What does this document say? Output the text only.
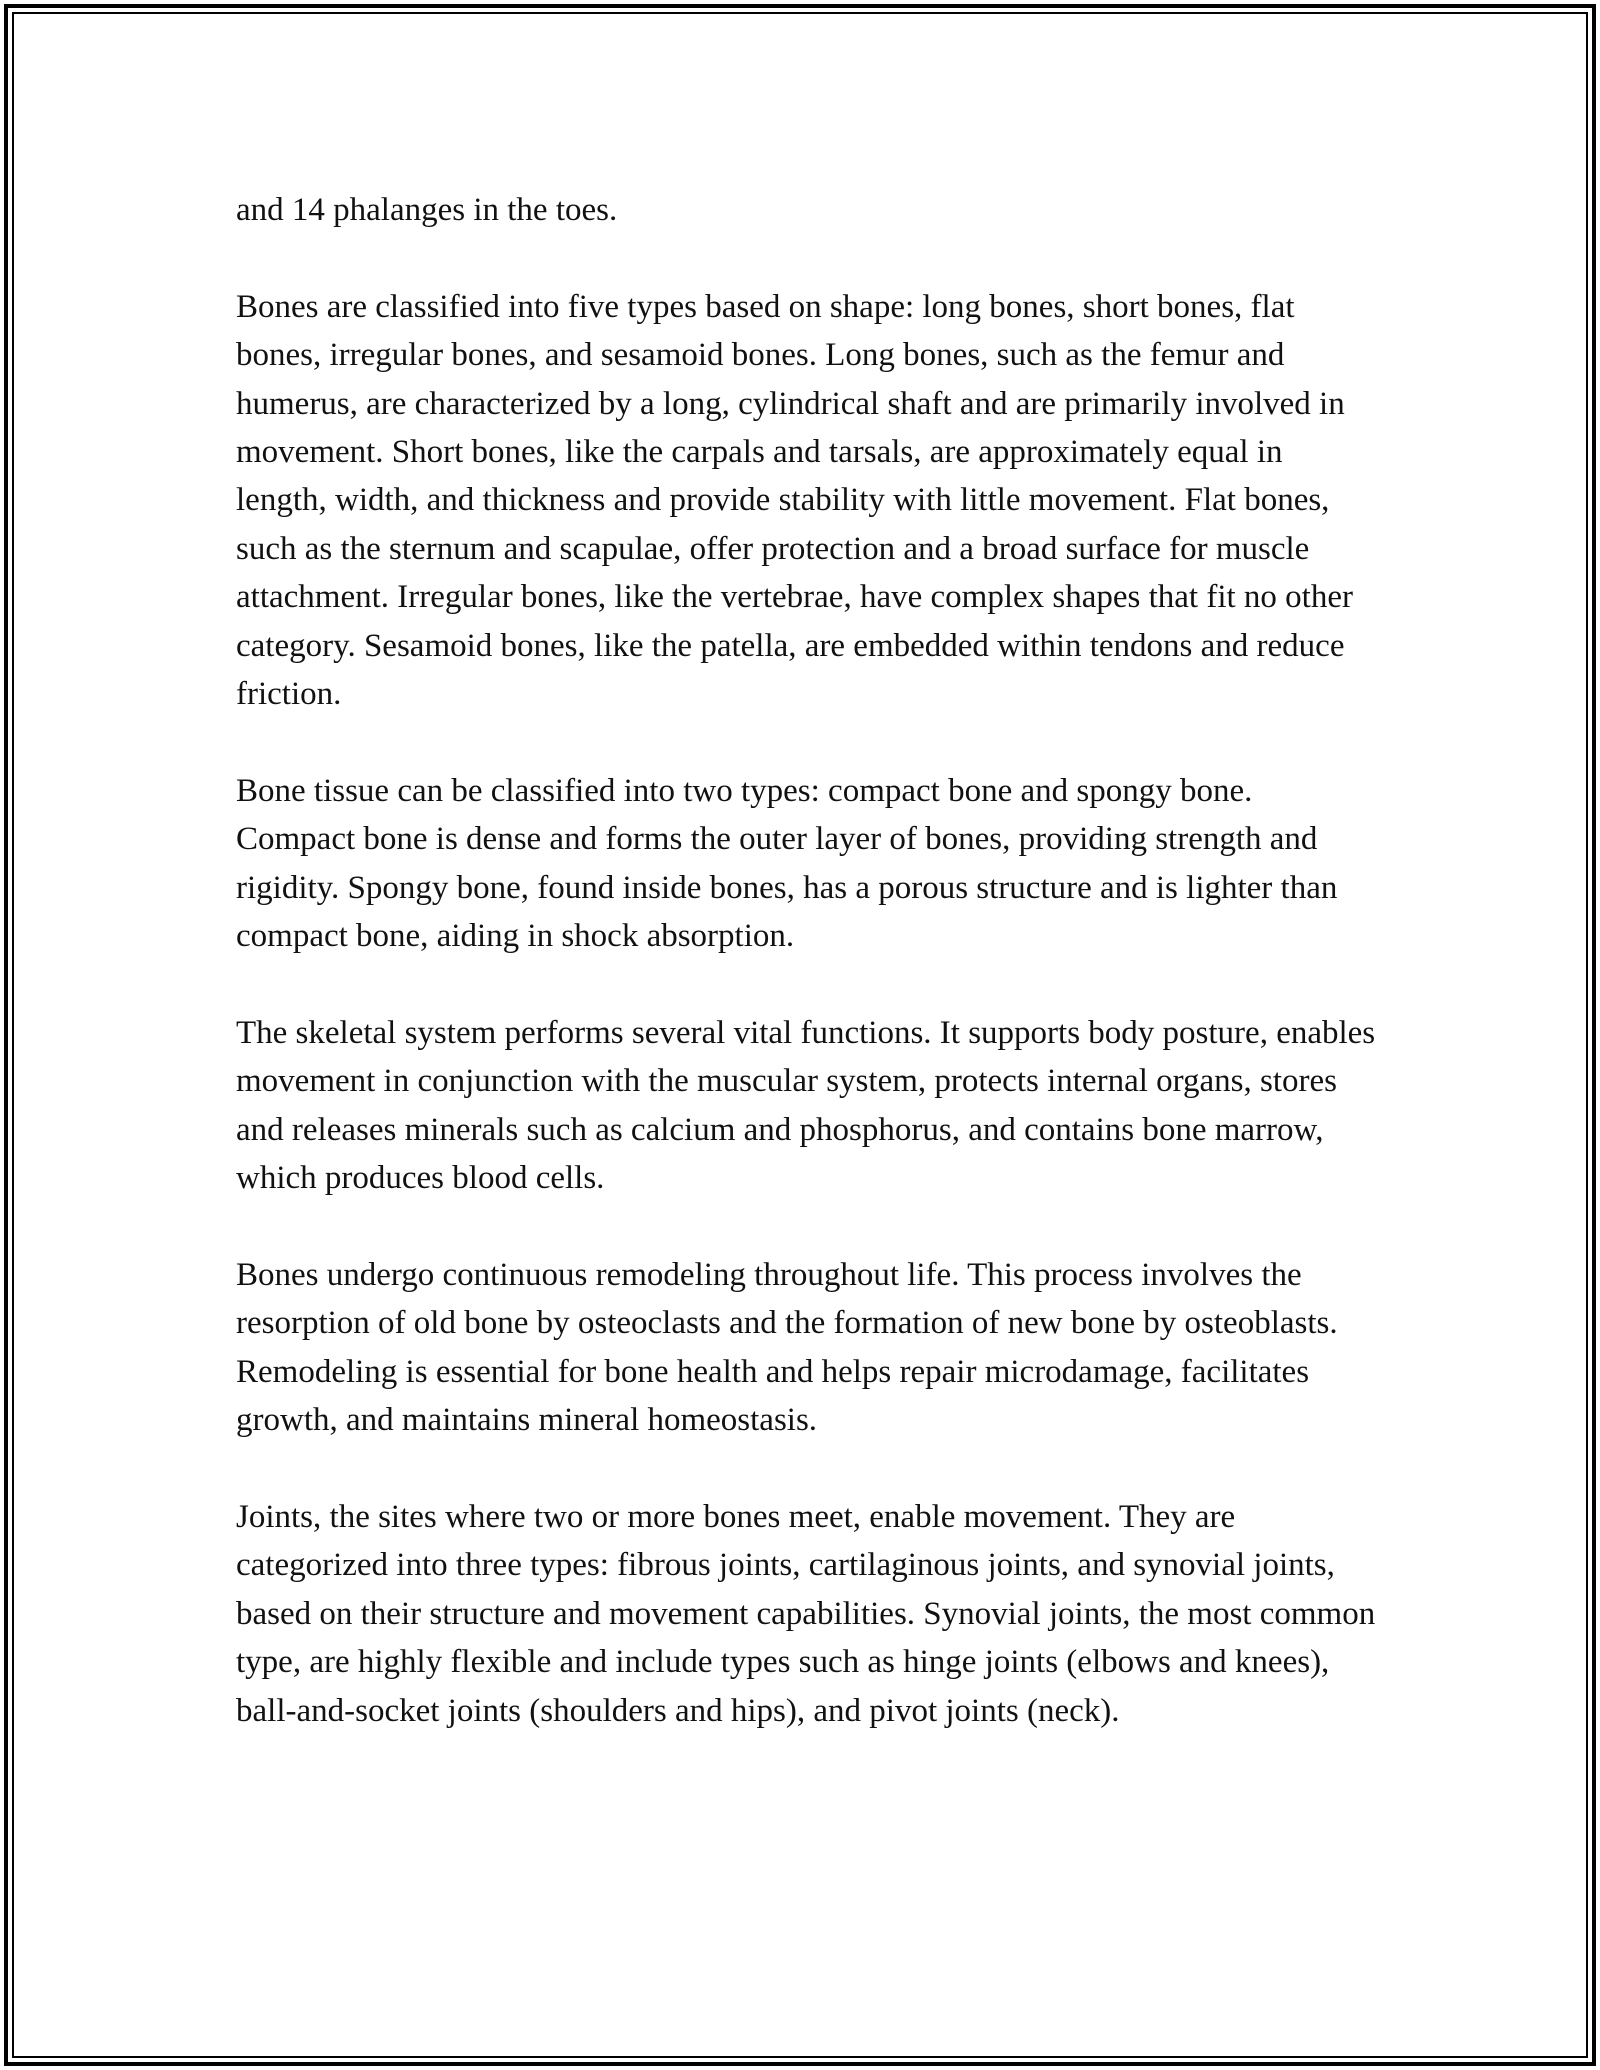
and 14 phalanges in the toes.

Bones are classified into five types based on shape: long bones, short bones, flat bones, irregular bones, and sesamoid bones. Long bones, such as the femur and humerus, are characterized by a long, cylindrical shaft and are primarily involved in movement. Short bones, like the carpals and tarsals, are approximately equal in length, width, and thickness and provide stability with little movement. Flat bones, such as the sternum and scapulae, offer protection and a broad surface for muscle attachment. Irregular bones, like the vertebrae, have complex shapes that fit no other category. Sesamoid bones, like the patella, are embedded within tendons and reduce friction.

Bone tissue can be classified into two types: compact bone and spongy bone. Compact bone is dense and forms the outer layer of bones, providing strength and rigidity. Spongy bone, found inside bones, has a porous structure and is lighter than compact bone, aiding in shock absorption.

The skeletal system performs several vital functions. It supports body posture, enables movement in conjunction with the muscular system, protects internal organs, stores and releases minerals such as calcium and phosphorus, and contains bone marrow, which produces blood cells.

Bones undergo continuous remodeling throughout life. This process involves the resorption of old bone by osteoclasts and the formation of new bone by osteoblasts. Remodeling is essential for bone health and helps repair microdamage, facilitates growth, and maintains mineral homeostasis.

Joints, the sites where two or more bones meet, enable movement. They are categorized into three types: fibrous joints, cartilaginous joints, and synovial joints, based on their structure and movement capabilities. Synovial joints, the most common type, are highly flexible and include types such as hinge joints (elbows and knees), ball-and-socket joints (shoulders and hips), and pivot joints (neck).
